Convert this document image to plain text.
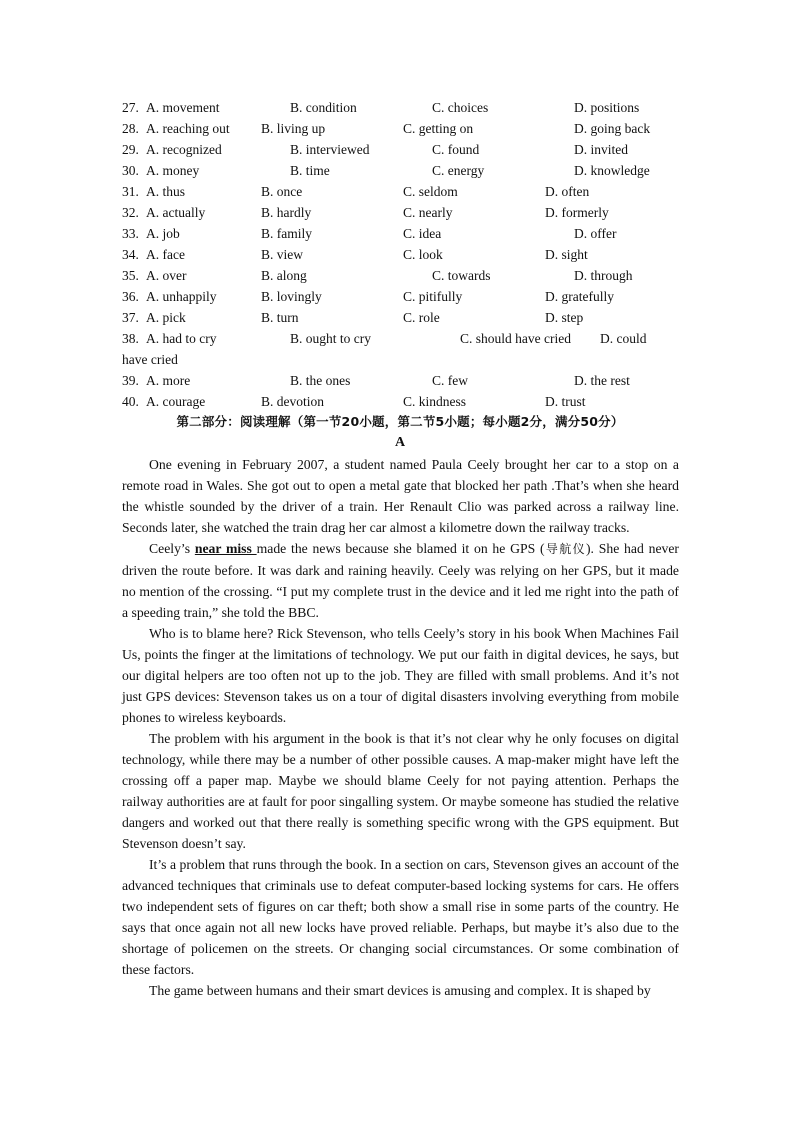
27. A. movement	B. condition	C. choices	D. positions
28. A. reaching out B. living up	C. getting on	D. going back
29. A. recognized	B. interviewed	C. found	D. invited
30. A. money	B. time	C. energy	D. knowledge
31. A. thus	B. once	C. seldom	D. often
32. A. actually	B. hardly	C. nearly	D. formerly
33. A. job	B. family	C. idea	D. offer
34. A. face	B. view	C. look	D. sight
35. A. over	B. along	C. towards	D. through
36. A. unhappily	B. lovingly	C. pitifully	D. gratefully
37. A. pick	B. turn	C. role	D. step
38. A. had to cry	B. ought to cry	C. should have cried D. could
have cried
39. A. more	B. the ones	C. few	D. the rest
40. A. courage	B. devotion	C. kindness	D. trust
第二部分：阅读理解（第一节20小题，第二节5小题；每小题2分，满分50分）
A

One evening in February 2007, a student named Paula Ceely brought her car to a stop on a remote road in Wales. She got out to open a metal gate that blocked her path .That’s when she heard the whistle sounded by the driver of a train. Her Renault Clio was parked across a railway line. Seconds later, she watched the train drag her car almost a kilometre down the railway tracks.

Ceely’s near miss made the news because she blamed it on he GPS (导航仪). She had never driven the route before. It was dark and raining heavily. Ceely was relying on her GPS, but it made no mention of the crossing. “I put my complete trust in the device and it led me right into the path of a speeding train,” she told the BBC.

Who is to blame here? Rick Stevenson, who tells Ceely’s story in his book When Machines Fail Us, points the finger at the limitations of technology. We put our faith in digital devices, he says, but our digital helpers are too often not up to the job. They are filled with small problems. And it’s not just GPS devices: Stevenson takes us on a tour of digital disasters involving everything from mobile phones to wireless keyboards.

The problem with his argument in the book is that it’s not clear why he only focuses on digital technology, while there may be a number of other possible causes. A map-maker might have left the crossing off a paper map. Maybe we should blame Ceely for not paying attention. Perhaps the railway authorities are at fault for poor singalling system. Or maybe someone has studied the relative dangers and worked out that there really is something specific wrong with the GPS equipment. But Stevenson doesn’t say.

It’s a problem that runs through the book. In a section on cars, Stevenson gives an account of the advanced techniques that criminals use to defeat computer-based locking systems for cars. He offers two independent sets of figures on car theft; both show a small rise in some parts of the country. He says that once again not all new locks have proved reliable. Perhaps, but maybe it’s also due to the shortage of policemen on the streets. Or changing social circumstances. Or some combination of these factors.

The game between humans and their smart devices is amusing and complex. It is shaped by
